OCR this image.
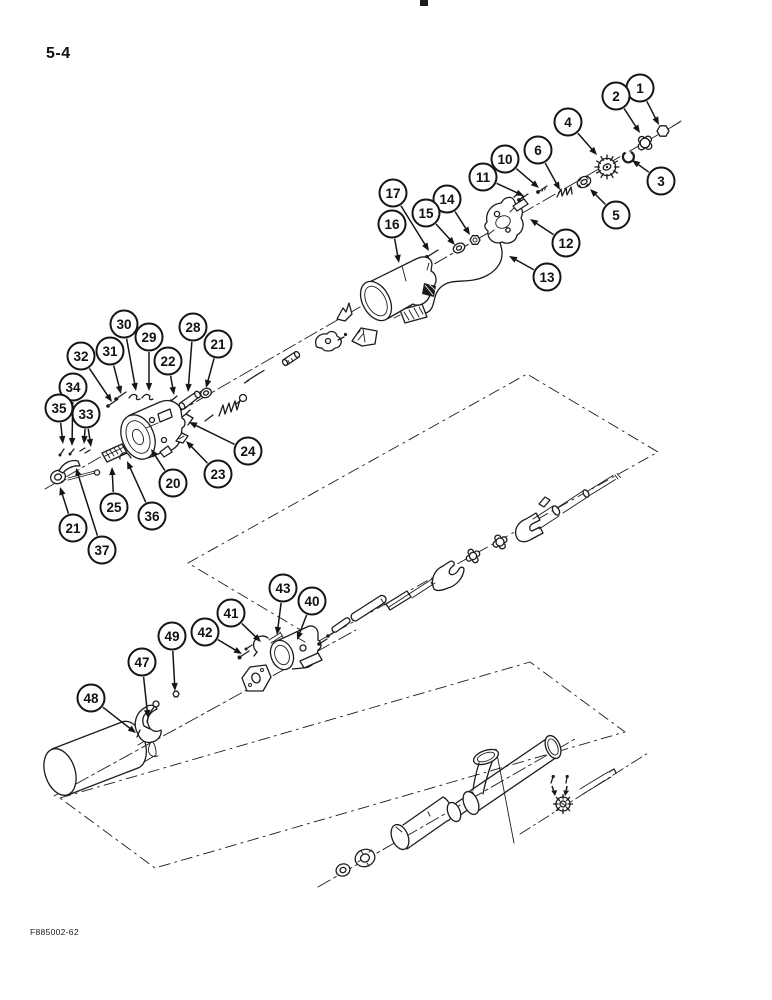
5-4
F885002-62
1
2
3
4
5
6
10
11
12
13
14
15
16
17
20
21
22
23
24
25
28
29
30
31
32
33
34
35
36
21
37
40
41
42
43
47
48
49
